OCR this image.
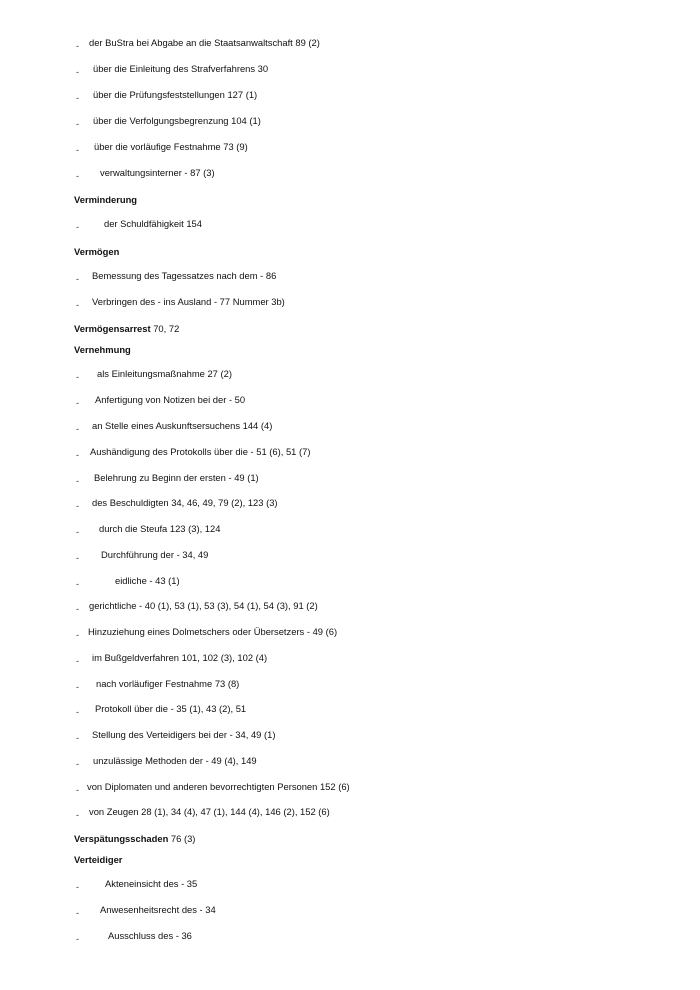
- der BuStra bei Abgabe an die Staatsanwaltschaft 89 (2)
- über die Einleitung des Strafverfahrens 30
- über die Prüfungsfeststellungen 127 (1)
- über die Verfolgungsbegrenzung 104 (1)
- über die vorläufige Festnahme 73 (9)
- verwaltungsinterner - 87 (3)
Verminderung
-	der Schuldfähigkeit 154
Vermögen
- Bemessung des Tagessatzes nach dem - 86
- Verbringen des - ins Ausland - 77 Nummer 3b)
Vermögensarrest 70, 72
Vernehmung
- als Einleitungsmaßnahme 27 (2)
- Anfertigung von Notizen bei der - 50
- an Stelle eines Auskunftsersuchens 144 (4)
- Aushändigung des Protokolls über die - 51 (6), 51 (7)
- Belehrung zu Beginn der ersten - 49 (1)
- des Beschuldigten 34, 46, 49, 79 (2), 123 (3)
- durch die Steufa 123 (3), 124
- Durchführung der - 34, 49
-	eidliche - 43 (1)
- gerichtliche - 40 (1), 53 (1), 53 (3), 54 (1), 54 (3), 91 (2)
- Hinzuziehung eines Dolmetschers oder Übersetzers - 49 (6)
- im Bußgeldverfahren 101, 102 (3), 102 (4)
- nach vorläufiger Festnahme 73 (8)
- Protokoll über die - 35 (1), 43 (2), 51
- Stellung des Verteidigers bei der - 34, 49 (1)
- unzulässige Methoden der - 49 (4), 149
- von Diplomaten und anderen bevorrechtigten Personen 152 (6)
- von Zeugen 28 (1), 34 (4), 47 (1), 144 (4), 146 (2), 152 (6)
Verspätungsschaden 76 (3)
Verteidiger
-	Akteneinsicht des - 35
- Anwesenheitsrecht des - 34
-	Ausschluss des - 36
